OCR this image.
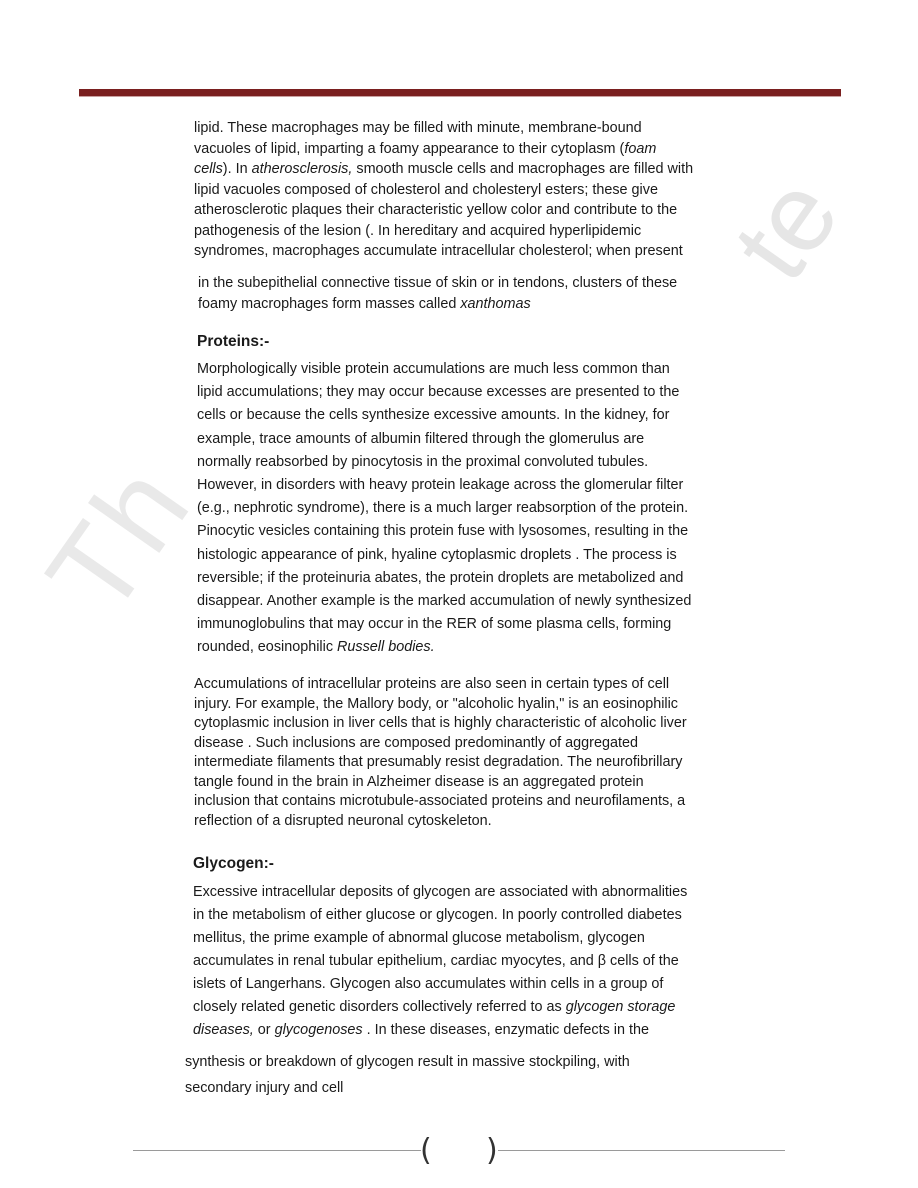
Th
te
lipid. These macrophages may be filled with minute, membrane-bound
vacuoles of lipid, imparting a foamy appearance to their cytoplasm (foam
cells). In atherosclerosis, smooth muscle cells and macrophages are filled with
lipid vacuoles composed of cholesterol and cholesteryl esters; these give
atherosclerotic plaques their characteristic yellow color and contribute to the
pathogenesis of the lesion (. In hereditary and acquired hyperlipidemic
syndromes, macrophages accumulate intracellular cholesterol; when present
in the subepithelial connective tissue of skin or in tendons, clusters of these
foamy macrophages form masses called xanthomas
Proteins:-
Morphologically visible protein accumulations are much less common than
lipid accumulations; they may occur because excesses are presented to the
cells or because the cells synthesize excessive amounts. In the kidney, for
example, trace amounts of albumin filtered through the glomerulus are
normally reabsorbed by pinocytosis in the proximal convoluted tubules.
However, in disorders with heavy protein leakage across the glomerular filter
(e.g., nephrotic syndrome), there is a much larger reabsorption of the protein.
Pinocytic vesicles containing this protein fuse with lysosomes, resulting in the
histologic appearance of pink, hyaline cytoplasmic droplets . The process is
reversible; if the proteinuria abates, the protein droplets are metabolized and
disappear. Another example is the marked accumulation of newly synthesized
immunoglobulins that may occur in the RER of some plasma cells, forming
rounded, eosinophilic Russell bodies.
Accumulations of intracellular proteins are also seen in certain types of cell
injury. For example, the Mallory body, or "alcoholic hyalin," is an eosinophilic
cytoplasmic inclusion in liver cells that is highly characteristic of alcoholic liver
disease . Such inclusions are composed predominantly of aggregated
intermediate filaments that presumably resist degradation. The neurofibrillary
tangle found in the brain in Alzheimer disease is an aggregated protein
inclusion that contains microtubule-associated proteins and neurofilaments, a
reflection of a disrupted neuronal cytoskeleton.
Glycogen:-
Excessive intracellular deposits of glycogen are associated with abnormalities
in the metabolism of either glucose or glycogen. In poorly controlled diabetes
mellitus, the prime example of abnormal glucose metabolism, glycogen
accumulates in renal tubular epithelium, cardiac myocytes, and β cells of the
islets of Langerhans. Glycogen also accumulates within cells in a group of
closely related genetic disorders collectively referred to as glycogen storage
diseases, or glycogenoses . In these diseases, enzymatic defects in the
synthesis or breakdown of glycogen result in massive stockpiling, with
secondary injury and cell
( )
